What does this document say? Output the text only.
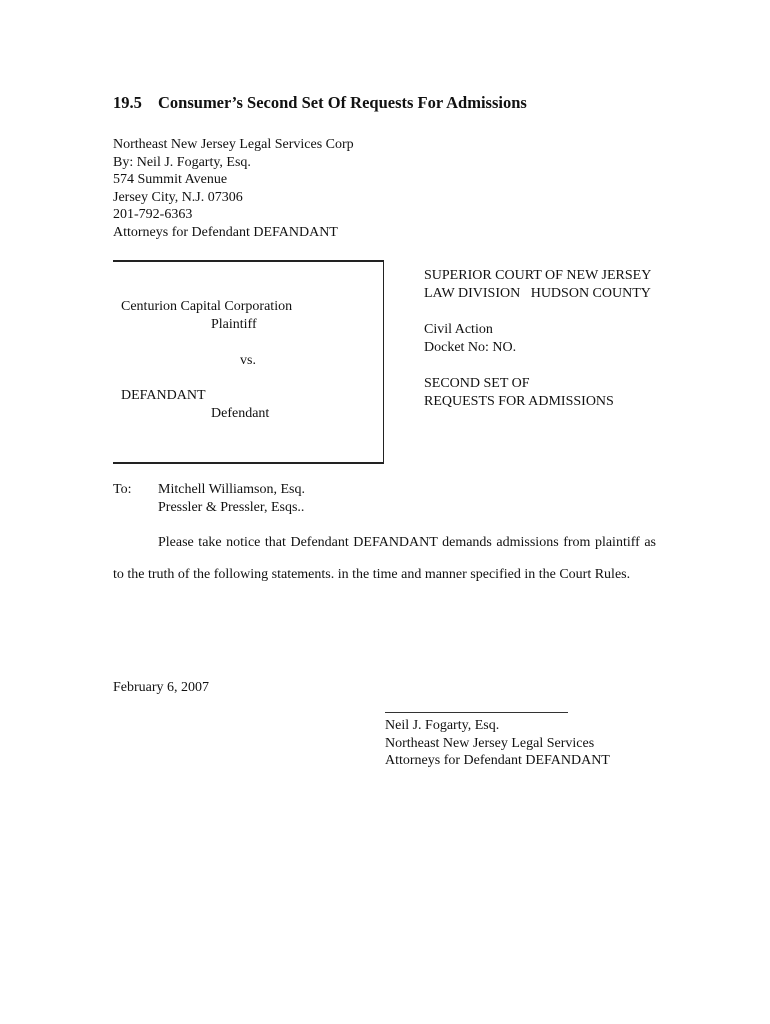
19.5 Consumer’s Second Set Of Requests For Admissions
Northeast New Jersey Legal Services Corp
By: Neil J. Fogarty, Esq.
574 Summit Avenue
Jersey City, N.J. 07306
201-792-6363
Attorneys for Defendant DEFANDANT
Centurion Capital Corporation
Plaintiff
vs.
DEFANDANT
Defendant
SUPERIOR COURT OF NEW JERSEY
LAW DIVISION   HUDSON COUNTY
Civil Action
Docket No: NO.
SECOND SET OF
REQUESTS FOR ADMISSIONS
To: Mitchell Williamson, Esq.
Pressler & Pressler, Esqs..
Please take notice that Defendant DEFANDANT demands admissions from plaintiff as to the truth of the following statements. in the time and manner specified in the Court Rules.
February 6, 2007
Neil J. Fogarty, Esq.
Northeast New Jersey Legal Services
Attorneys for Defendant DEFANDANT
